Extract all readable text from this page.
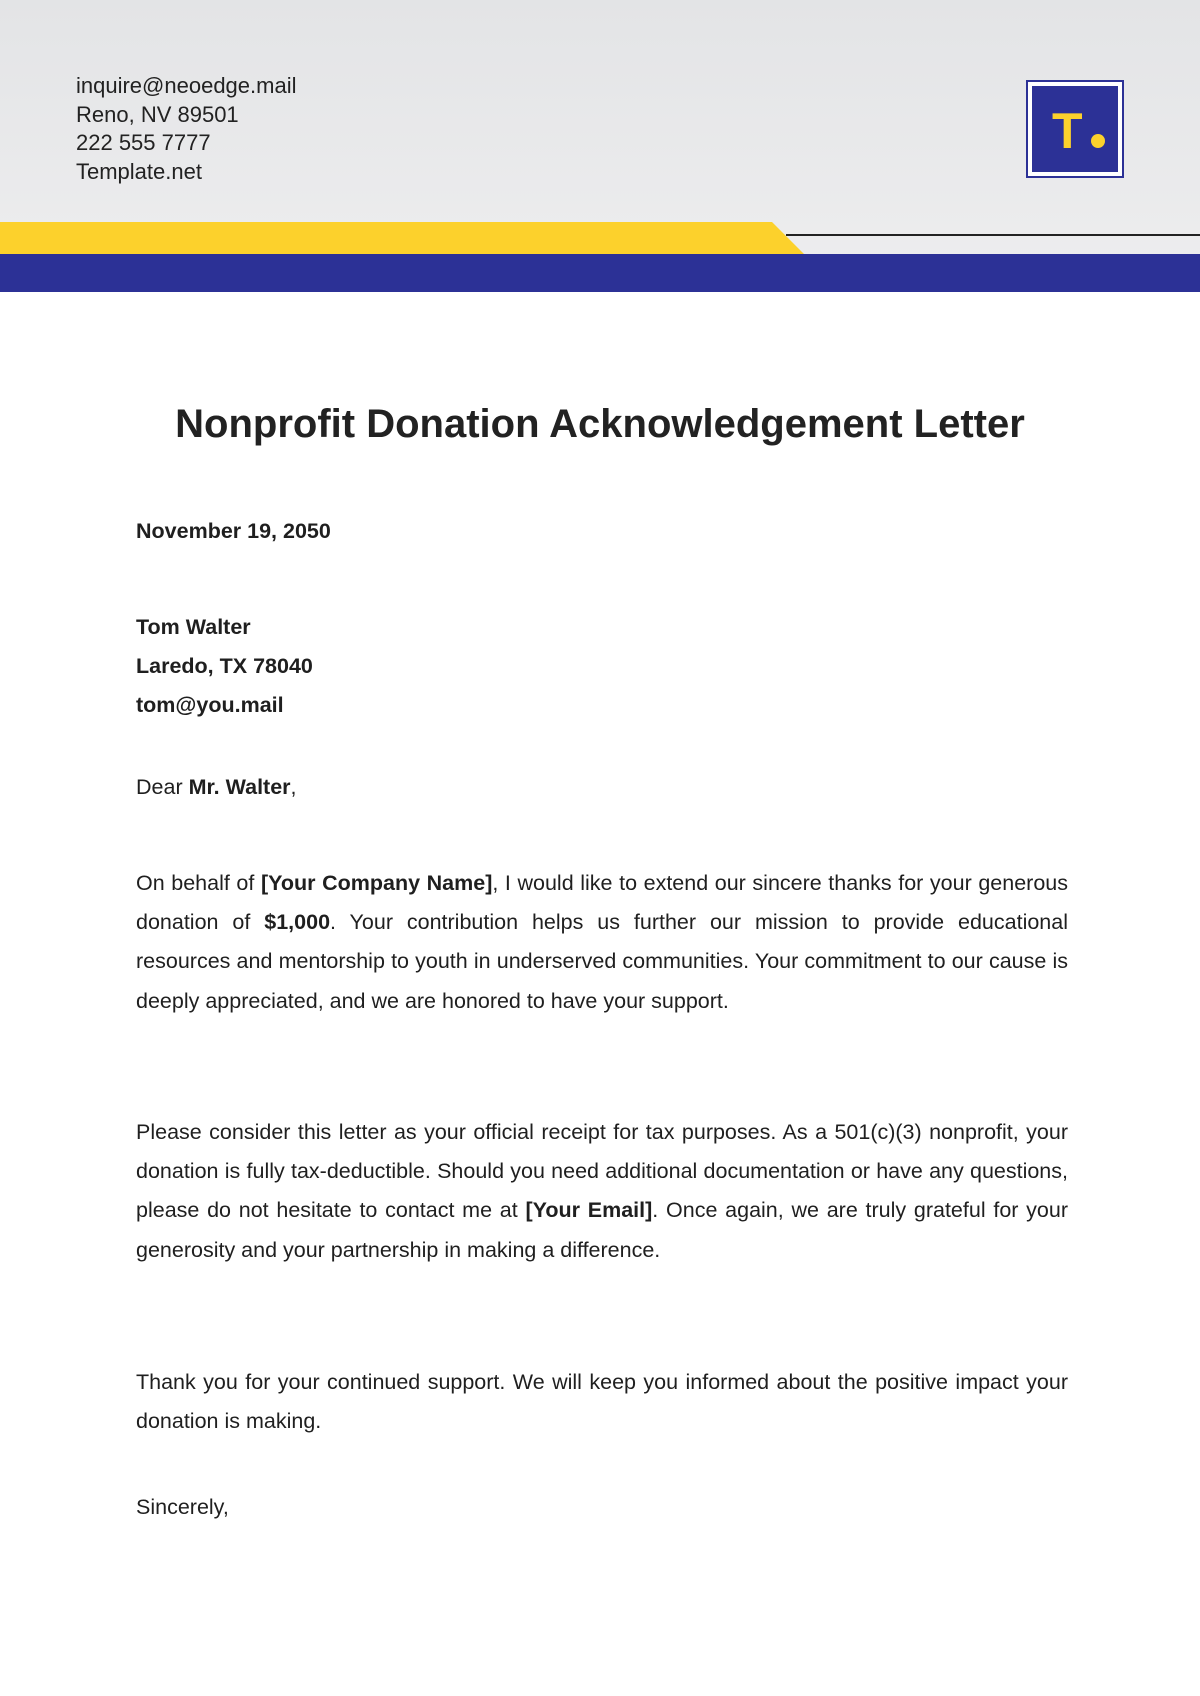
inquire@neoedge.mail
Reno, NV 89501
222 555 7777
Template.net
T
Nonprofit Donation Acknowledgement Letter
November 19, 2050
Tom Walter
Laredo, TX 78040
tom@you.mail
Dear Mr. Walter,

On behalf of [Your Company Name], I would like to extend our sincere thanks for your generous donation of $1,000. Your contribution helps us further our mission to provide educational resources and mentorship to youth in underserved communities. Your commitment to our cause is deeply appreciated, and we are honored to have your support.

Please consider this letter as your official receipt for tax purposes. As a 501(c)(3) nonprofit, your donation is fully tax-deductible. Should you need additional documentation or have any questions, please do not hesitate to contact me at [Your Email]. Once again, we are truly grateful for your generosity and your partnership in making a difference.

Thank you for your continued support. We will keep you informed about the positive impact your donation is making.

Sincerely,
